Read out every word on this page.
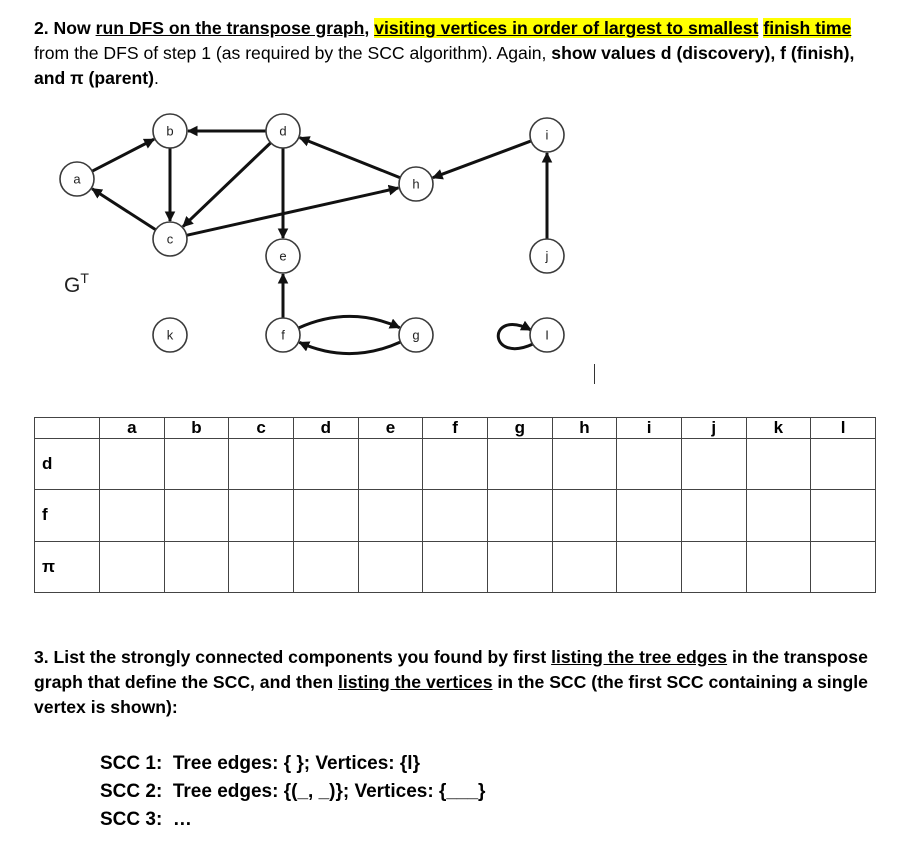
2. Now run DFS on the transpose graph, visiting vertices in order of largest to smallest finish time from the DFS of step 1 (as required by the SCC algorithm). Again, show values d (discovery), f (finish), and π (parent).
a
b
c
d
e
f	g
h
i
j
k	I
$G^T$
	a	b	c	d	e	f	g	h	i	j	k	l
d												
f												
π												
3. List the strongly connected components you found by first listing the tree edges in the transpose graph that define the SCC, and then listing the vertices in the SCC (the first SCC containing a single vertex is shown):
SCC 1:  Tree edges: { }; Vertices: {l}
SCC 2:  Tree edges: {(_, _)}; Vertices: {___}
SCC 3:  …
